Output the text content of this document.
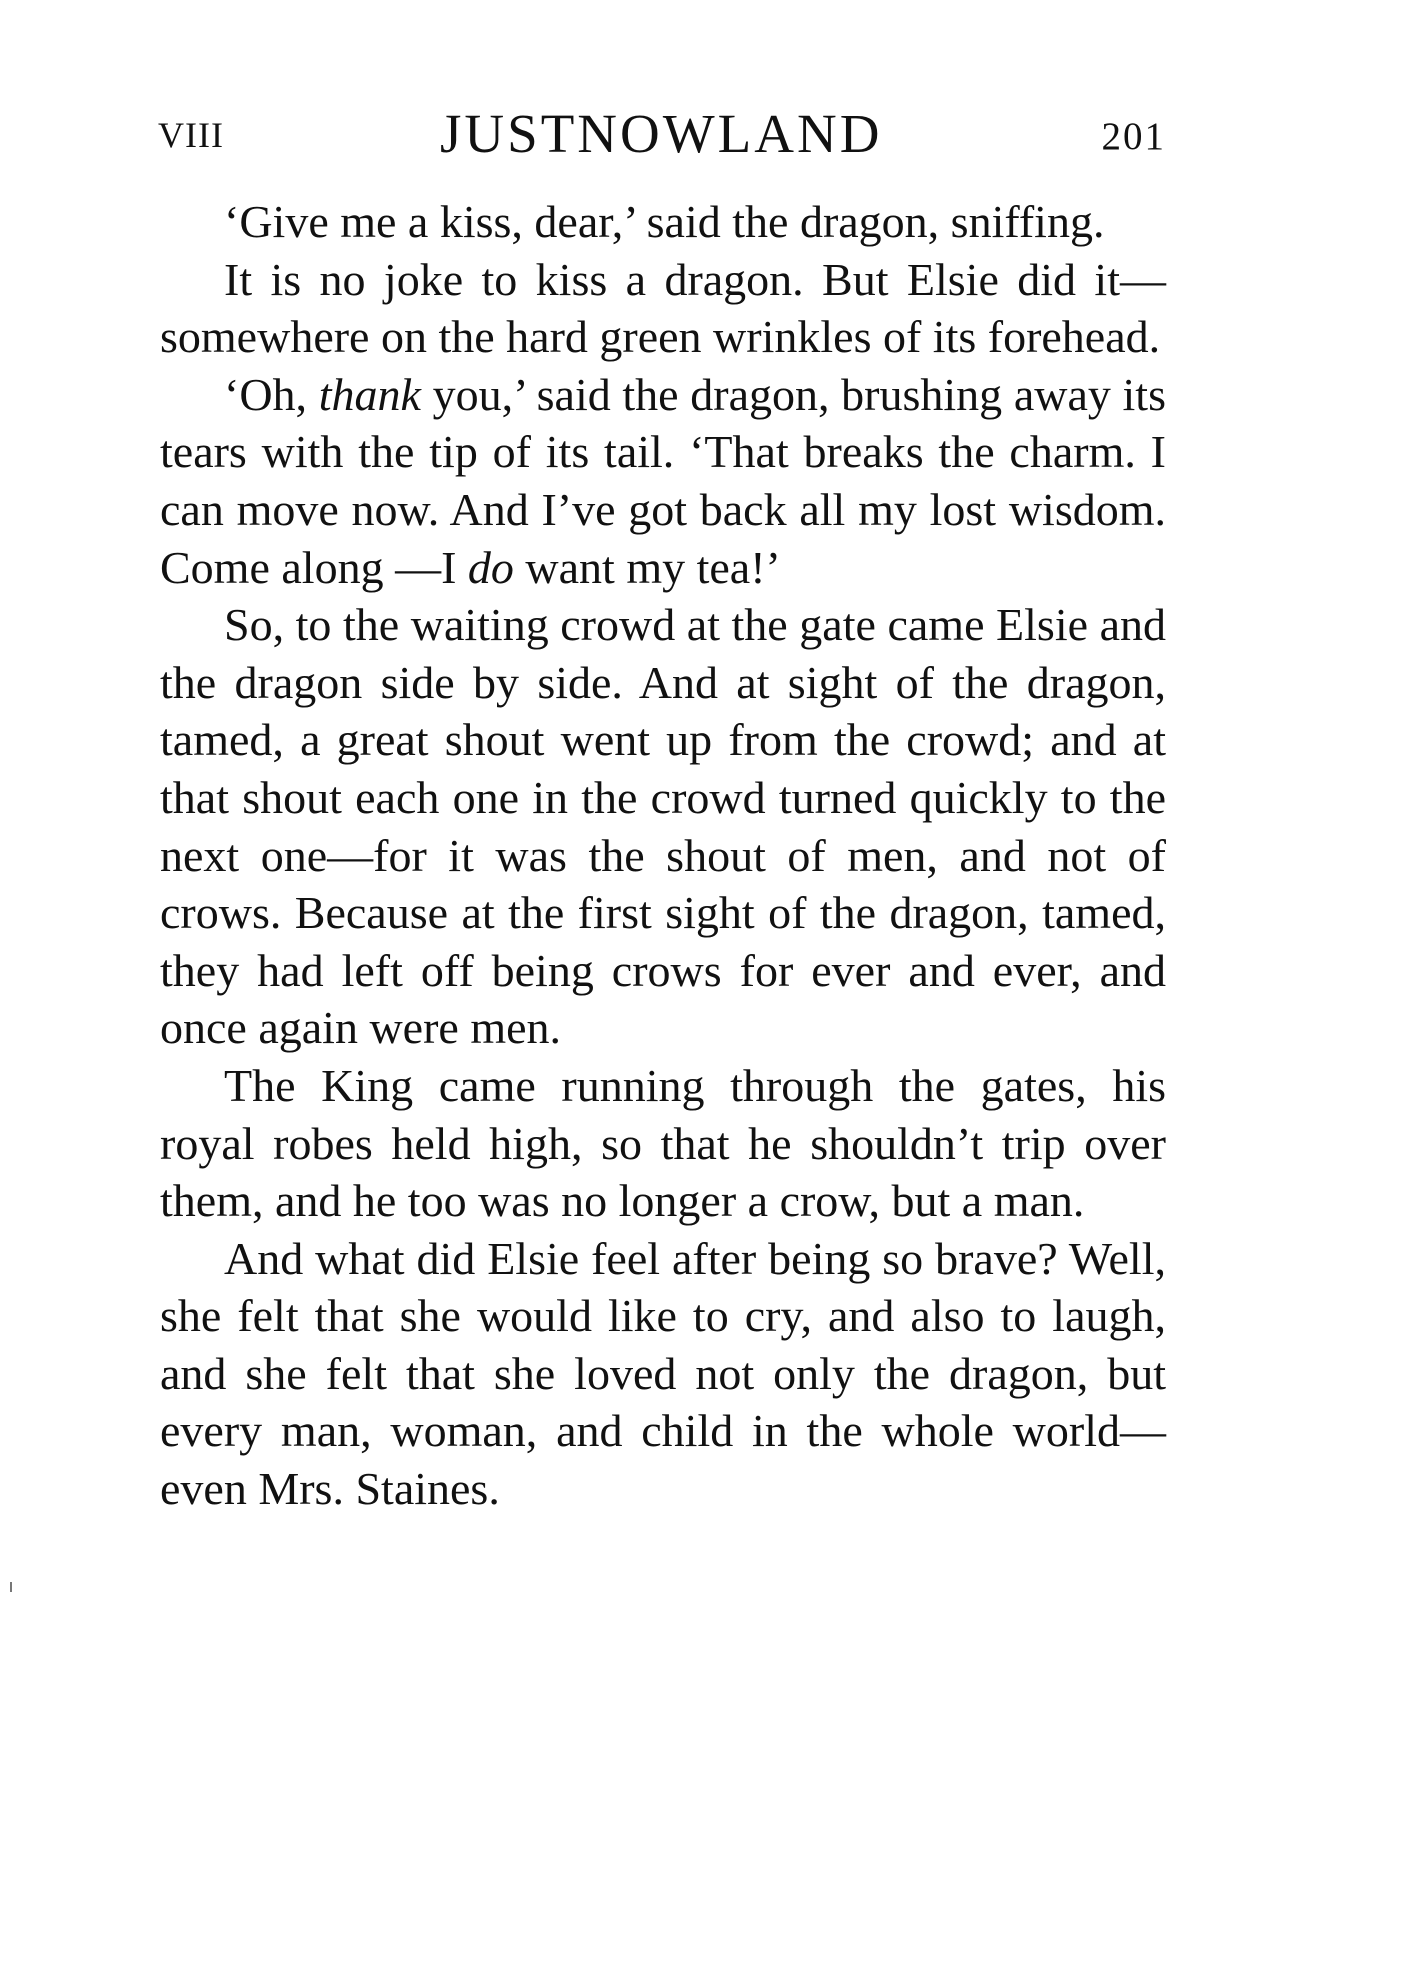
VIII	JUSTNOWLAND	201

‘Give me a kiss, dear,’ said the dragon, sniffing.

It is no joke to kiss a dragon. But Elsie did it—somewhere on the hard green wrinkles of its forehead.

‘Oh, thank you,’ said the dragon, brushing away its tears with the tip of its tail. ‘That breaks the charm. I can move now. And I’ve got back all my lost wisdom. Come along —I do want my tea!’

So, to the waiting crowd at the gate came Elsie and the dragon side by side. And at sight of the dragon, tamed, a great shout went up from the crowd; and at that shout each one in the crowd turned quickly to the next one—for it was the shout of men, and not of crows. Because at the first sight of the dragon, tamed, they had left off being crows for ever and ever, and once again were men.

The King came running through the gates, his royal robes held high, so that he shouldn’t trip over them, and he too was no longer a crow, but a man.

And what did Elsie feel after being so brave? Well, she felt that she would like to cry, and also to laugh, and she felt that she loved not only the dragon, but every man, woman, and child in the whole world—even Mrs. Staines.
